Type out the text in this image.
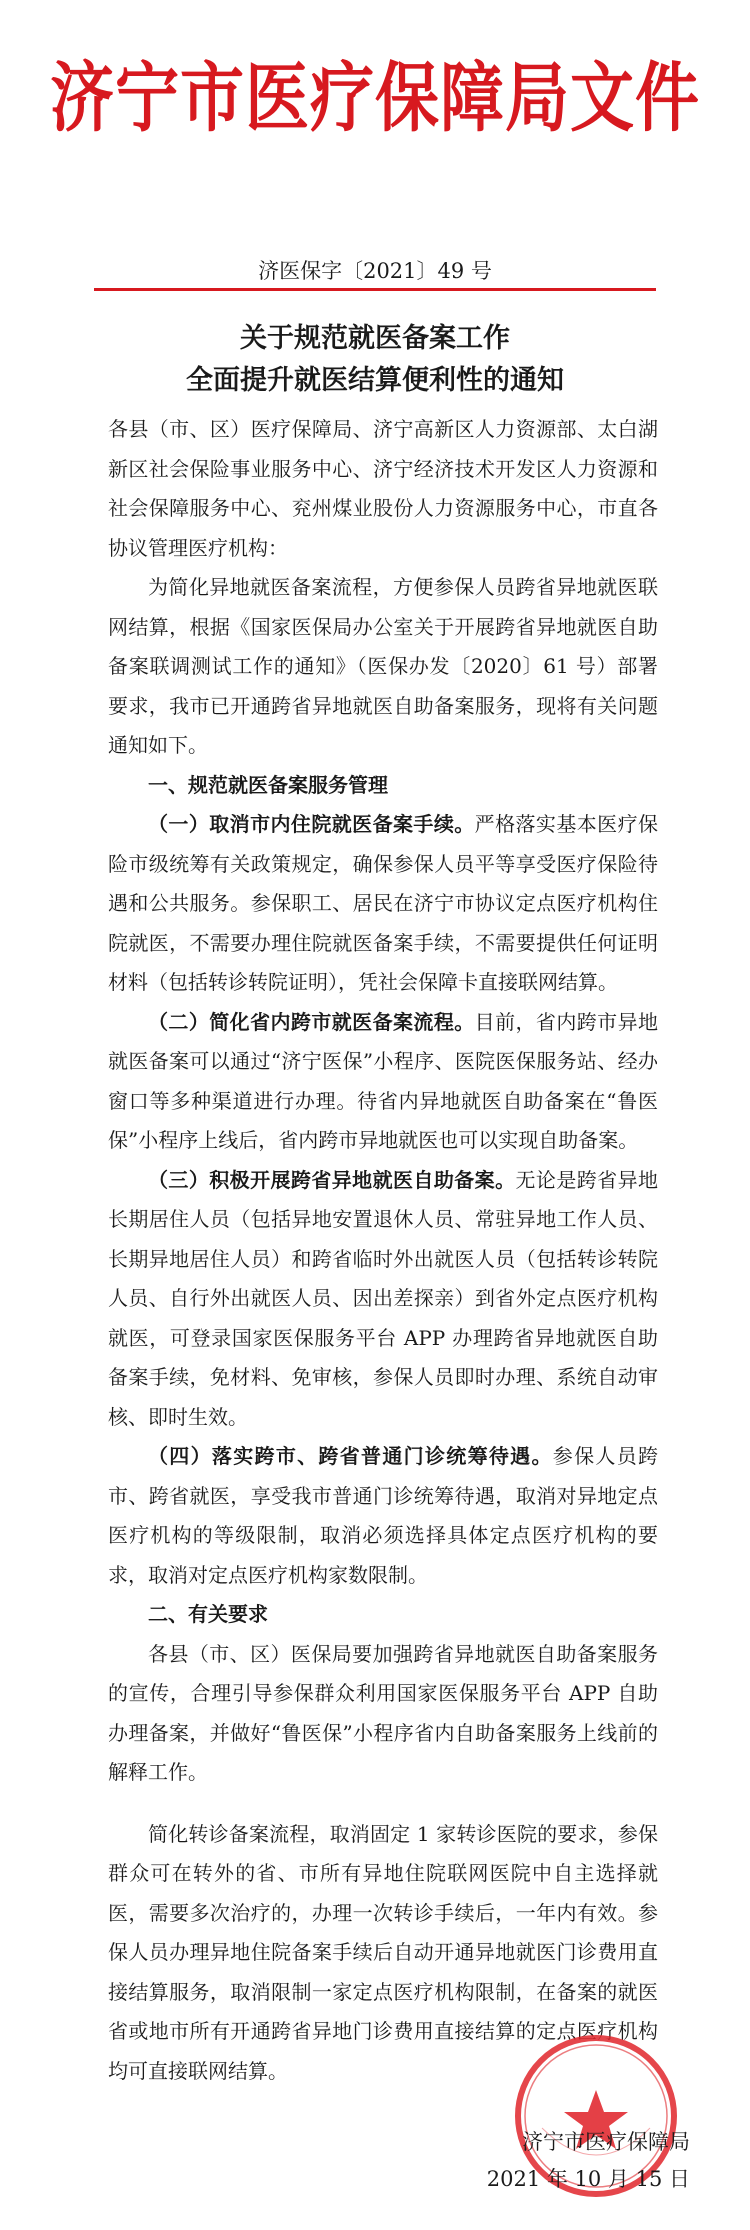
济宁市医疗保障局文件
济医保字〔2021〕49 号
关于规范就医备案工作
全面提升就医结算便利性的通知

各县（市、区）医疗保障局、济宁高新区人力资源部、太白湖新区社会保险事业服务中心、济宁经济技术开发区人力资源和社会保障服务中心、兖州煤业股份人力资源服务中心，市直各协议管理医疗机构：

为简化异地就医备案流程，方便参保人员跨省异地就医联网结算，根据《国家医保局办公室关于开展跨省异地就医自助备案联调测试工作的通知》（医保办发〔2020〕61 号）部署要求，我市已开通跨省异地就医自助备案服务，现将有关问题通知如下。

一、规范就医备案服务管理

（一）取消市内住院就医备案手续。严格落实基本医疗保险市级统筹有关政策规定，确保参保人员平等享受医疗保险待遇和公共服务。参保职工、居民在济宁市协议定点医疗机构住院就医，不需要办理住院就医备案手续，不需要提供任何证明材料（包括转诊转院证明），凭社会保障卡直接联网结算。

（二）简化省内跨市就医备案流程。目前，省内跨市异地就医备案可以通过“济宁医保”小程序、医院医保服务站、经办窗口等多种渠道进行办理。待省内异地就医自助备案在“鲁医保”小程序上线后，省内跨市异地就医也可以实现自助备案。

（三）积极开展跨省异地就医自助备案。无论是跨省异地长期居住人员（包括异地安置退休人员、常驻异地工作人员、长期异地居住人员）和跨省临时外出就医人员（包括转诊转院人员、自行外出就医人员、因出差探亲）到省外定点医疗机构就医，可登录国家医保服务平台 APP 办理跨省异地就医自助备案手续，免材料、免审核，参保人员即时办理、系统自动审核、即时生效。

（四）落实跨市、跨省普通门诊统筹待遇。参保人员跨市、跨省就医，享受我市普通门诊统筹待遇，取消对异地定点医疗机构的等级限制，取消必须选择具体定点医疗机构的要求，取消对定点医疗机构家数限制。

二、有关要求

各县（市、区）医保局要加强跨省异地就医自助备案服务的宣传，合理引导参保群众利用国家医保服务平台 APP 自助办理备案，并做好“鲁医保”小程序省内自助备案服务上线前的解释工作。

简化转诊备案流程，取消固定 1 家转诊医院的要求，参保群众可在转外的省、市所有异地住院联网医院中自主选择就医，需要多次治疗的，办理一次转诊手续后，一年内有效。参保人员办理异地住院备案手续后自动开通异地就医门诊费用直接结算服务，取消限制一家定点医疗机构限制，在备案的就医省或地市所有开通跨省异地门诊费用直接结算的定点医疗机构均可直接联网结算。

济宁市医疗保障局
2021 年 10 月 15 日
